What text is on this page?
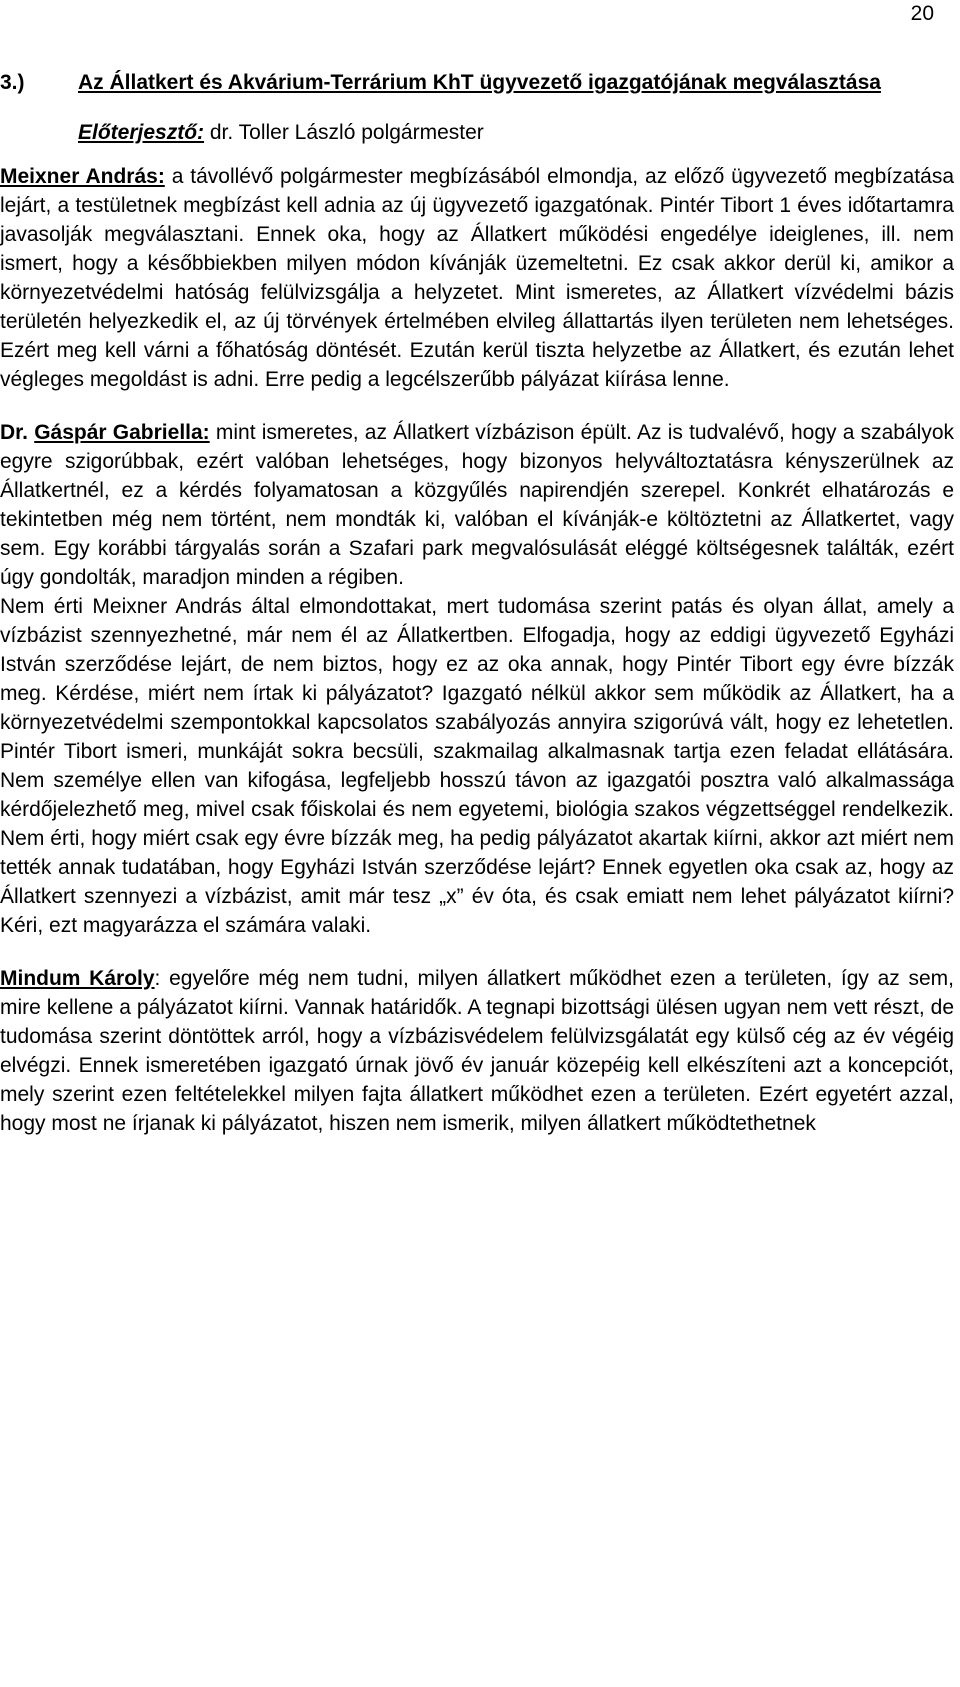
20
3.)	Az Állatkert és Akvárium-Terrárium KhT ügyvezető igazgatójának megválasztása
Előterjesztő: dr. Toller László polgármester

Meixner András: a távollévő polgármester megbízásából elmondja, az előző ügyvezető megbízatása lejárt, a testületnek megbízást kell adnia az új ügyvezető igazgatónak. Pintér Tibort 1 éves időtartamra javasolják megválasztani. Ennek oka, hogy az Állatkert működési engedélye ideiglenes, ill. nem ismert, hogy a későbbiekben milyen módon kívánják üzemeltetni. Ez csak akkor derül ki, amikor a környezetvédelmi hatóság felülvizsgálja a helyzetet. Mint ismeretes, az Állatkert vízvédelmi bázis területén helyezkedik el, az új törvények értelmében elvileg állattartás ilyen területen nem lehetséges. Ezért meg kell várni a főhatóság döntését. Ezután kerül tiszta helyzetbe az Állatkert, és ezután lehet végleges megoldást is adni. Erre pedig a legcélszerűbb pályázat kiírása lenne.

Dr. Gáspár Gabriella: mint ismeretes, az Állatkert vízbázison épült. Az is tudvalévő, hogy a szabályok egyre szigorúbbak, ezért valóban lehetséges, hogy bizonyos helyváltoztatásra kényszerülnek az Állatkertnél, ez a kérdés folyamatosan a közgyűlés napirendjén szerepel. Konkrét elhatározás e tekintetben még nem történt, nem mondták ki, valóban el kívánják-e költöztetni az Állatkertet, vagy sem. Egy korábbi tárgyalás során a Szafari park megvalósulását eléggé költségesnek találták, ezért úgy gondolták, maradjon minden a régiben.

Nem érti Meixner András által elmondottakat, mert tudomása szerint patás és olyan állat, amely a vízbázist szennyezhetné, már nem él az Állatkertben. Elfogadja, hogy az eddigi ügyvezető Egyházi István szerződése lejárt, de nem biztos, hogy ez az oka annak, hogy Pintér Tibort egy évre bízzák meg. Kérdése, miért nem írtak ki pályázatot? Igazgató nélkül akkor sem működik az Állatkert, ha a környezetvédelmi szempontokkal kapcsolatos szabályozás annyira szigorúvá vált, hogy ez lehetetlen. Pintér Tibort ismeri, munkáját sokra becsüli, szakmailag alkalmasnak tartja ezen feladat ellátására. Nem személye ellen van kifogása, legfeljebb hosszú távon az igazgatói posztra való alkalmassága kérdőjelezhető meg, mivel csak főiskolai és nem egyetemi, biológia szakos végzettséggel rendelkezik. Nem érti, hogy miért csak egy évre bízzák meg, ha pedig pályázatot akartak kiírni, akkor azt miért nem tették annak tudatában, hogy Egyházi István szerződése lejárt? Ennek egyetlen oka csak az, hogy az Állatkert szennyezi a vízbázist, amit már tesz „x” év óta, és csak emiatt nem lehet pályázatot kiírni? Kéri, ezt magyarázza el számára valaki.

Mindum Károly: egyelőre még nem tudni, milyen állatkert működhet ezen a területen, így az sem, mire kellene a pályázatot kiírni. Vannak határidők. A tegnapi bizottsági ülésen ugyan nem vett részt, de tudomása szerint döntöttek arról, hogy a vízbázisvédelem felülvizsgálatát egy külső cég az év végéig elvégzi. Ennek ismeretében igazgató úrnak jövő év január közepéig kell elkészíteni azt a koncepciót, mely szerint ezen feltételekkel milyen fajta állatkert működhet ezen a területen. Ezért egyetért azzal, hogy most ne írjanak ki pályázatot, hiszen nem ismerik, milyen állatkert működtethetnek
